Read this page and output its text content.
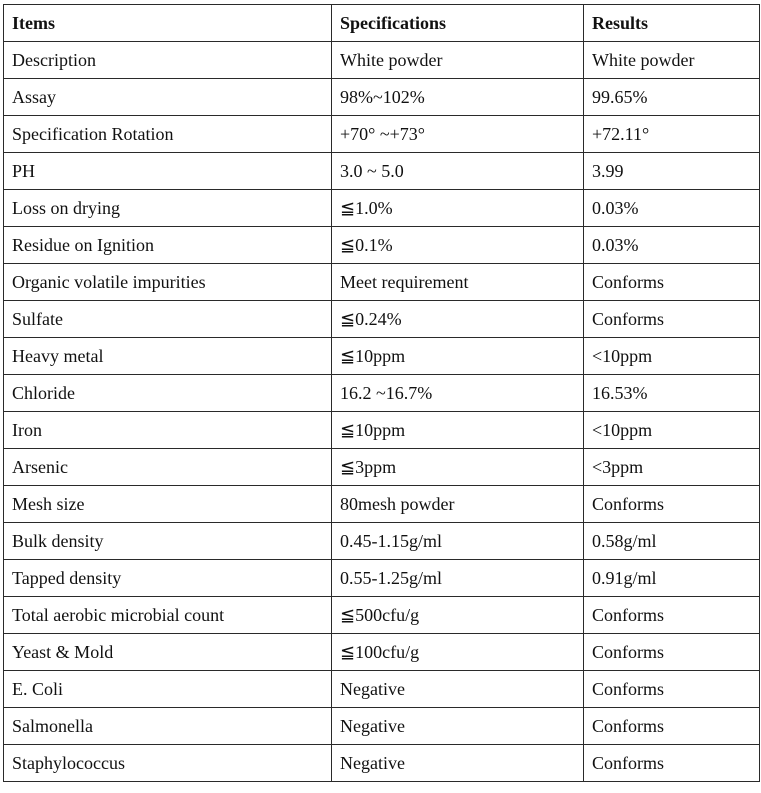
Items	Specifications	Results
Description	White powder	White powder
Assay	98%~102%	99.65%
Specification Rotation	+70° ~+73°	+72.11°
PH	3.0 ~ 5.0	3.99
Loss on drying	≦1.0%	0.03%
Residue on Ignition	≦0.1%	0.03%
Organic volatile impurities	Meet requirement	Conforms
Sulfate	≦0.24%	Conforms
Heavy metal	≦10ppm	<10ppm
Chloride	16.2 ~16.7%	16.53%
Iron	≦10ppm	<10ppm
Arsenic	≦3ppm	<3ppm
Mesh size	80mesh powder	Conforms
Bulk density	0.45-1.15g/ml	0.58g/ml
Tapped density	0.55-1.25g/ml	0.91g/ml
Total aerobic microbial count	≦500cfu/g	Conforms
Yeast & Mold	≦100cfu/g	Conforms
E. Coli	Negative	Conforms
Salmonella	Negative	Conforms
Staphylococcus	Negative	Conforms
